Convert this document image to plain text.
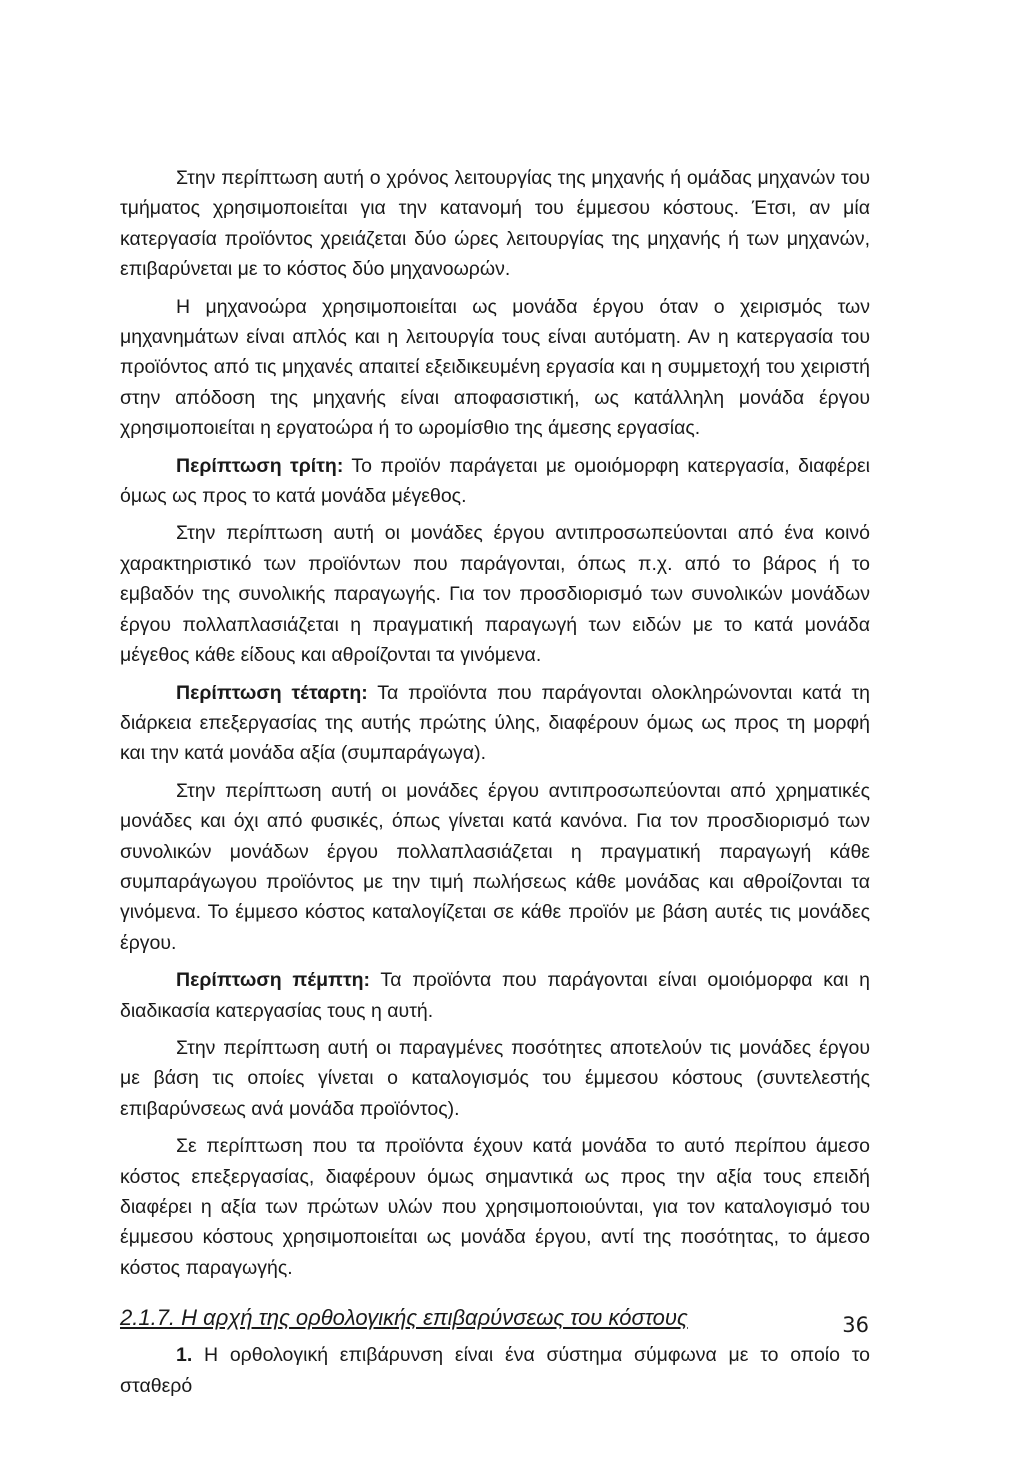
Στην περίπτωση αυτή ο χρόνος λειτουργίας της μηχανής ή ομάδας μηχανών του τμήματος χρησιμοποιείται για την κατανομή του έμμεσου κόστους. Έτσι, αν μία κατεργασία προϊόντος χρειάζεται δύο ώρες λειτουργίας της μηχανής ή των μηχανών, επιβαρύνεται με το κόστος δύο μηχανοωρών.

Η μηχανοώρα χρησιμοποιείται ως μονάδα έργου όταν ο χειρισμός των μηχανημάτων είναι απλός και η λειτουργία τους είναι αυτόματη. Αν η κατεργασία του προϊόντος από τις μηχανές απαιτεί εξειδικευμένη εργασία και η συμμετοχή του χειριστή στην απόδοση της μηχανής είναι αποφασιστική, ως κατάλληλη μονάδα έργου χρησιμοποιείται η εργατοώρα ή το ωρομίσθιο της άμεσης εργασίας.

Περίπτωση τρίτη: Το προϊόν παράγεται με ομοιόμορφη κατεργασία, διαφέρει όμως ως προς το κατά μονάδα μέγεθος.

Στην περίπτωση αυτή οι μονάδες έργου αντιπροσωπεύονται από ένα κοινό χαρακτηριστικό των προϊόντων που παράγονται, όπως π.χ. από το βάρος ή το εμβαδόν της συνολικής παραγωγής. Για τον προσδιορισμό των συνολικών μονάδων έργου πολλαπλασιάζεται η πραγματική παραγωγή των ειδών με το κατά μονάδα μέγεθος κάθε είδους και αθροίζονται τα γινόμενα.

Περίπτωση τέταρτη: Τα προϊόντα που παράγονται ολοκληρώνονται κατά τη διάρκεια επεξεργασίας της αυτής πρώτης ύλης, διαφέρουν όμως ως προς τη μορφή και την κατά μονάδα αξία (συμπαράγωγα).

Στην περίπτωση αυτή οι μονάδες έργου αντιπροσωπεύονται από χρηματικές μονάδες και όχι από φυσικές, όπως γίνεται κατά κανόνα. Για τον προσδιορισμό των συνολικών μονάδων έργου πολλαπλασιάζεται η πραγματική παραγωγή κάθε συμπαράγωγου προϊόντος με την τιμή πωλήσεως κάθε μονάδας και αθροίζονται τα γινόμενα. Το έμμεσο κόστος καταλογίζεται σε κάθε προϊόν με βάση αυτές τις μονάδες έργου.

Περίπτωση πέμπτη: Τα προϊόντα που παράγονται είναι ομοιόμορφα και η διαδικασία κατεργασίας τους η αυτή.

Στην περίπτωση αυτή οι παραγμένες ποσότητες αποτελούν τις μονάδες έργου με βάση τις οποίες γίνεται ο καταλογισμός του έμμεσου κόστους (συντελεστής επιβαρύνσεως ανά μονάδα προϊόντος).

Σε περίπτωση που τα προϊόντα έχουν κατά μονάδα το αυτό περίπου άμεσο κόστος επεξεργασίας, διαφέρουν όμως σημαντικά ως προς την αξία τους επειδή διαφέρει η αξία των πρώτων υλών που χρησιμοποιούνται, για τον καταλογισμό του έμμεσου κόστους χρησιμοποιείται ως μονάδα έργου, αντί της ποσότητας, το άμεσο κόστος παραγωγής.

2.1.7. Η αρχή της ορθολογικής επιβαρύνσεως του κόστους

1. Η ορθολογική επιβάρυνση είναι ένα σύστημα σύμφωνα με το οποίο το σταθερό

36
